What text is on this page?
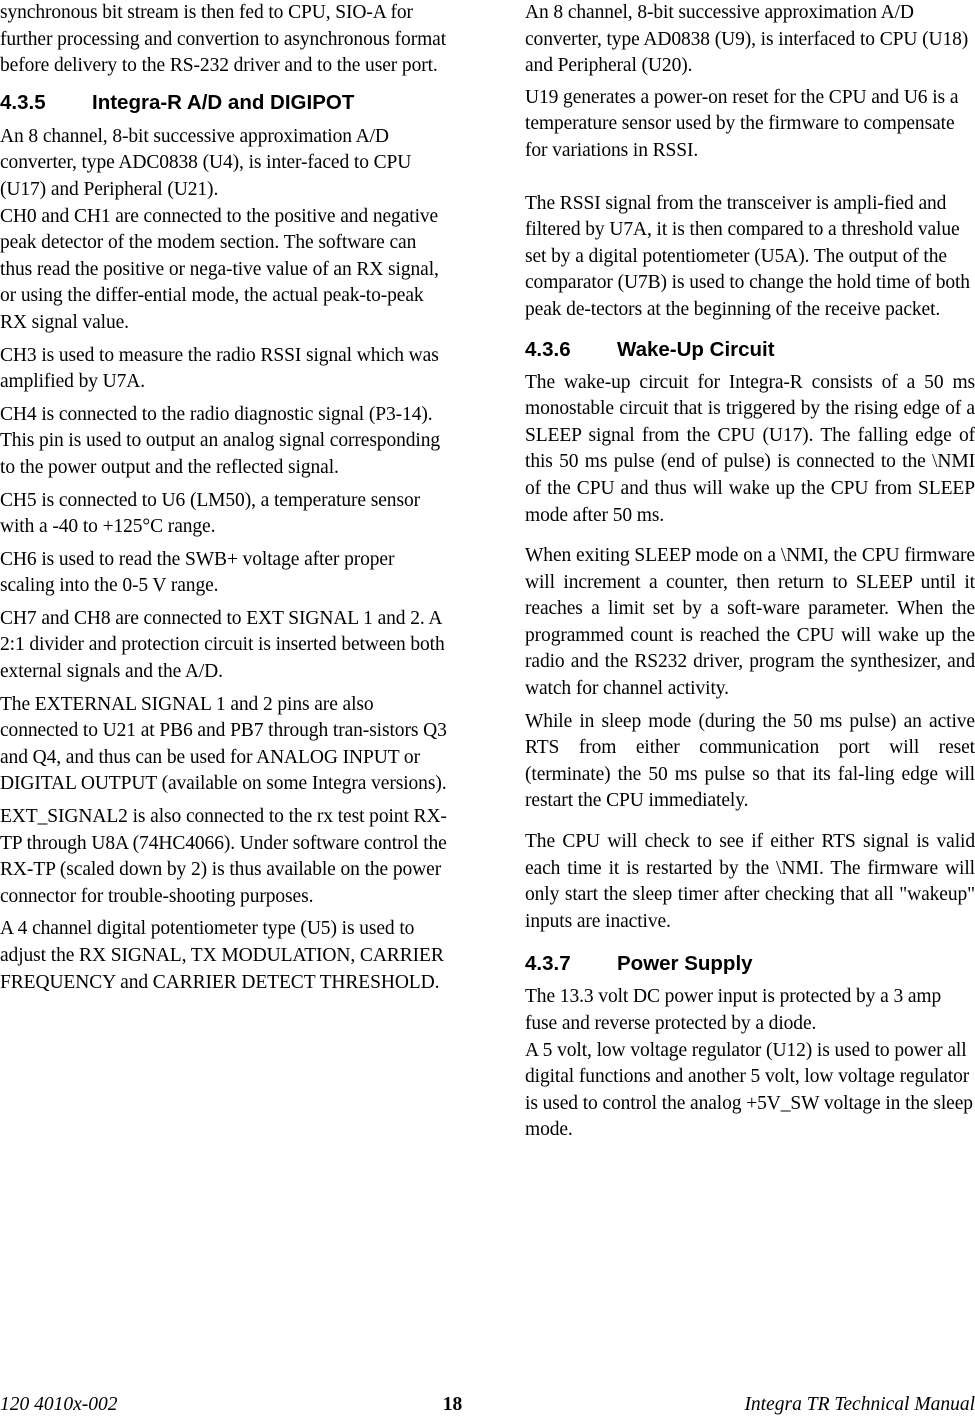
synchronous bit stream is then fed to CPU, SIO-A for further processing and convertion to asynchronous format before delivery to the RS-232 driver and to the user port.

4.3.5 Integra-R A/D and DIGIPOT

An 8 channel, 8-bit successive approximation A/D converter, type ADC0838 (U4), is inter-faced to CPU (U17) and Peripheral (U21).

CH0 and CH1 are connected to the positive and negative peak detector of the modem section. The software can thus read the positive or nega-tive value of an RX signal, or using the differ-ential mode, the actual peak-to-peak RX signal value.

CH3 is used to measure the radio RSSI signal which was amplified by U7A.

CH4 is connected to the radio diagnostic signal (P3-14). This pin is used to output an analog signal corresponding to the power output and the reflected signal.

CH5 is connected to U6 (LM50), a temperature sensor with a -40 to +125°C range.

CH6 is used to read the SWB+ voltage after proper scaling into the 0-5 V range.

CH7 and CH8 are connected to EXT SIGNAL 1 and 2. A 2:1 divider and protection circuit is inserted between both external signals and the A/D.

The EXTERNAL SIGNAL 1 and 2 pins are also connected to U21 at PB6 and PB7 through tran-sistors Q3 and Q4, and thus can be used for ANALOG INPUT or DIGITAL OUTPUT (available on some Integra versions).

EXT_SIGNAL2 is also connected to the rx test point RX-TP through U8A (74HC4066). Under software control the RX-TP (scaled down by 2) is thus available on the power connector for trouble-shooting purposes.

A 4 channel digital potentiometer type (U5) is used to adjust the RX SIGNAL, TX MODULATION, CARRIER FREQUENCY and CARRIER DETECT THRESHOLD.

An 8 channel, 8-bit successive approximation A/D converter, type AD0838 (U9), is interfaced to CPU (U18) and Peripheral (U20).

U19 generates a power-on reset for the CPU and U6 is a temperature sensor used by the firmware to compensate for variations in RSSI.

The RSSI signal from the transceiver is ampli-fied and filtered by U7A, it is then compared to a threshold value set by a digital potentiometer (U5A). The output of the comparator (U7B) is used to change the hold time of both peak de-tectors at the beginning of the receive packet.

4.3.6 Wake-Up Circuit

The wake-up circuit for Integra-R consists of a 50 ms monostable circuit that is triggered by the rising edge of a SLEEP signal from the CPU (U17). The falling edge of this 50 ms pulse (end of pulse) is connected to the \NMI of the CPU and thus will wake up the CPU from SLEEP mode after 50 ms.

When exiting SLEEP mode on a \NMI, the CPU firmware will increment a counter, then return to SLEEP until it reaches a limit set by a soft-ware parameter. When the programmed count is reached the CPU will wake up the radio and the RS232 driver, program the synthesizer, and watch for channel activity.

While in sleep mode (during the 50 ms pulse) an active RTS from either communication port will reset (terminate) the 50 ms pulse so that its fal-ling edge will restart the CPU immediately.

The CPU will check to see if either RTS signal is valid each time it is restarted by the \NMI. The firmware will only start the sleep timer after checking that all "wakeup" inputs are inactive.

4.3.7 Power Supply

The 13.3 volt DC power input is protected by a 3 amp fuse and reverse protected by a diode.

A 5 volt, low voltage regulator (U12) is used to power all digital functions and another 5 volt, low voltage regulator is used to control the analog +5V_SW voltage in the sleep mode.

120 4010x-002	18	Integra TR Technical Manual
